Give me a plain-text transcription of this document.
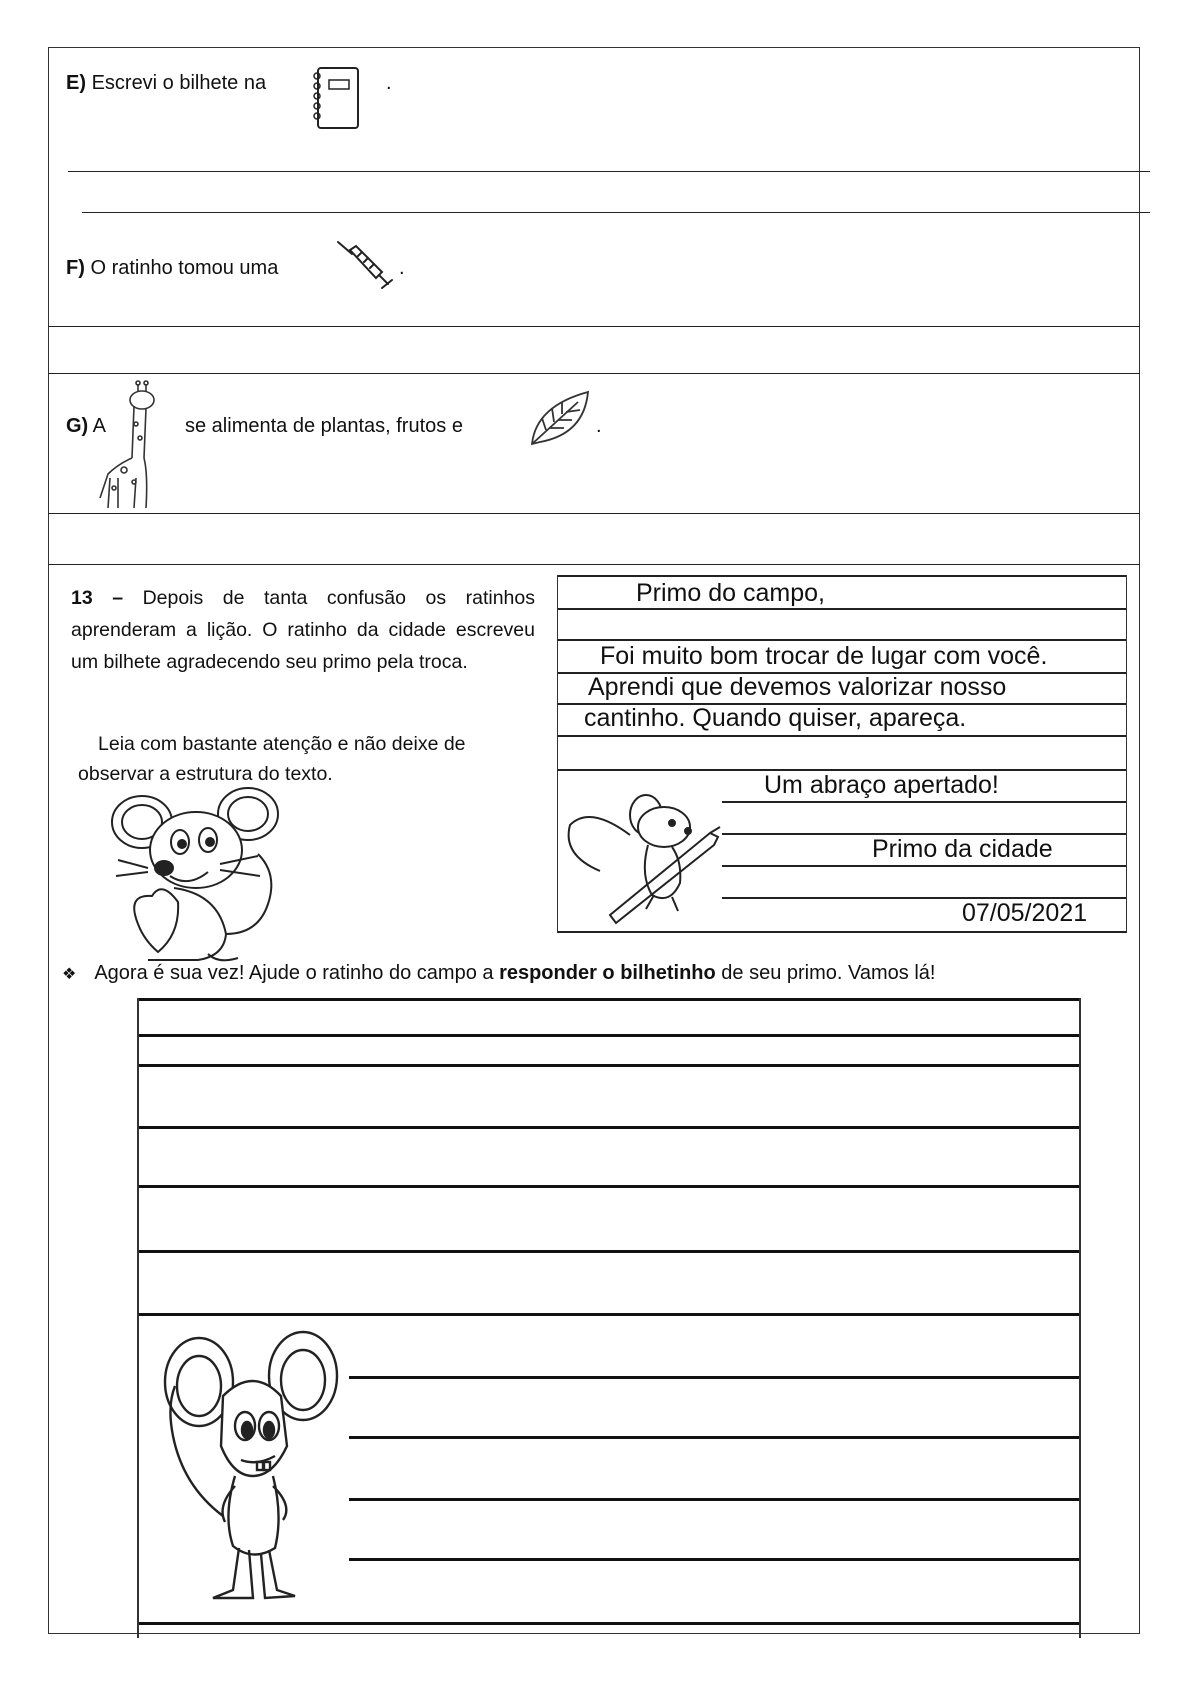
E) Escrevi o bilhete na	.
F) O ratinho tomou uma	.
G) A	se alimenta de plantas, frutos e	.
13 – Depois de tanta confusão os ratinhos aprenderam a lição. O ratinho da cidade escreveu um bilhete agradecendo seu primo pela troca.
Leia com bastante atenção e não deixe de observar a estrutura do texto.
Primo do campo,
Foi muito bom trocar de lugar com você.
Aprendi que devemos valorizar nosso
cantinho. Quando quiser, apareça.
Um abraço apertado!
Primo da cidade
07/05/2021
❖ Agora é sua vez! Ajude o ratinho do campo a responder o bilhetinho de seu primo. Vamos lá!
